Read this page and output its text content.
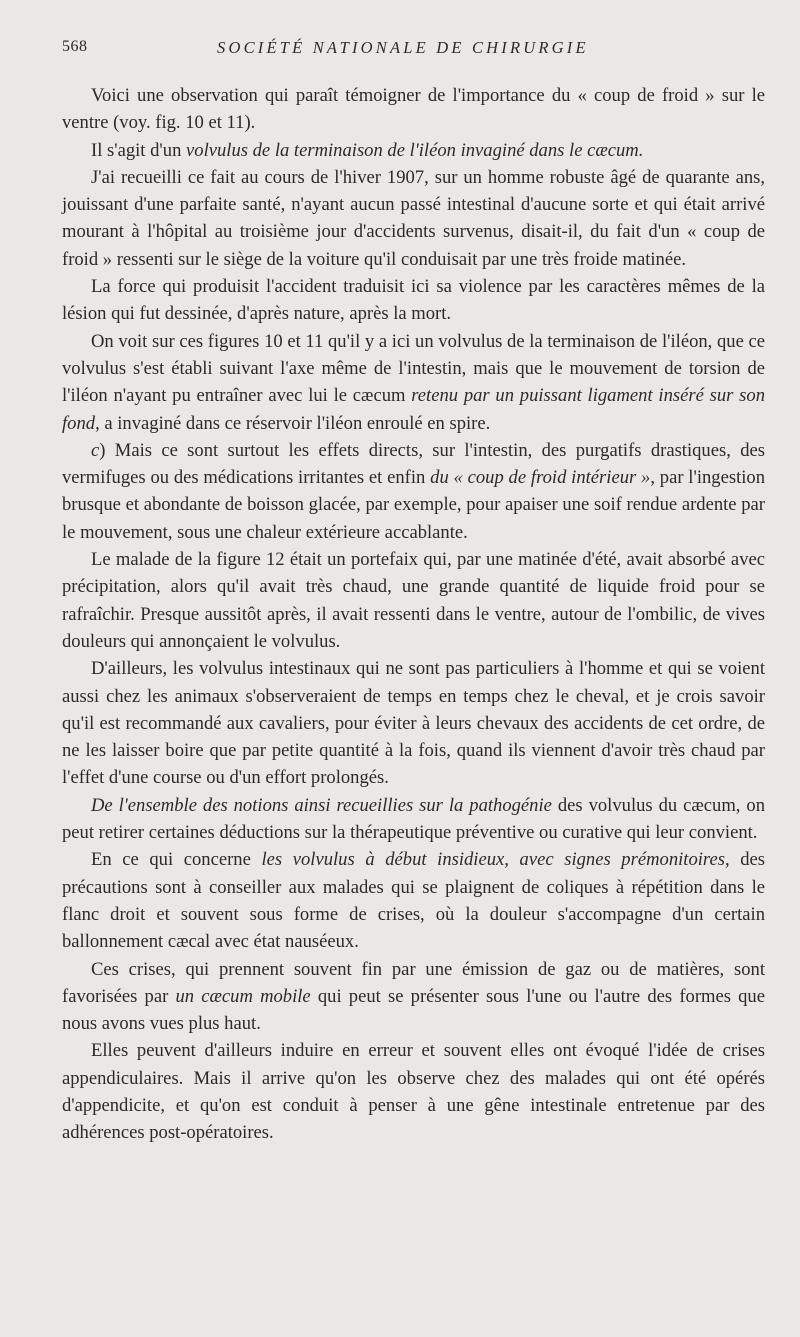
568	SOCIÉTÉ NATIONALE DE CHIRURGIE

Voici une observation qui paraît témoigner de l'importance du « coup de froid » sur le ventre (voy. fig. 10 et 11).

Il s'agit d'un volvulus de la terminaison de l'iléon invaginé dans le cæcum.

J'ai recueilli ce fait au cours de l'hiver 1907, sur un homme robuste âgé de quarante ans, jouissant d'une parfaite santé, n'ayant aucun passé intestinal d'aucune sorte et qui était arrivé mourant à l'hôpital au troisième jour d'accidents survenus, disait-il, du fait d'un « coup de froid » ressenti sur le siège de la voiture qu'il conduisait par une très froide matinée.

La force qui produisit l'accident traduisit ici sa violence par les caractères mêmes de la lésion qui fut dessinée, d'après nature, après la mort.

On voit sur ces figures 10 et 11 qu'il y a ici un volvulus de la terminaison de l'iléon, que ce volvulus s'est établi suivant l'axe même de l'intestin, mais que le mouvement de torsion de l'iléon n'ayant pu entraîner avec lui le cæcum retenu par un puissant ligament inséré sur son fond, a invaginé dans ce réservoir l'iléon enroulé en spire.

c) Mais ce sont surtout les effets directs, sur l'intestin, des purgatifs drastiques, des vermifuges ou des médications irritantes et enfin du « coup de froid intérieur », par l'ingestion brusque et abondante de boisson glacée, par exemple, pour apaiser une soif rendue ardente par le mouvement, sous une chaleur extérieure accablante.

Le malade de la figure 12 était un portefaix qui, par une matinée d'été, avait absorbé avec précipitation, alors qu'il avait très chaud, une grande quantité de liquide froid pour se rafraîchir. Presque aussitôt après, il avait ressenti dans le ventre, autour de l'ombilic, de vives douleurs qui annonçaient le volvulus.

D'ailleurs, les volvulus intestinaux qui ne sont pas particuliers à l'homme et qui se voient aussi chez les animaux s'observeraient de temps en temps chez le cheval, et je crois savoir qu'il est recommandé aux cavaliers, pour éviter à leurs chevaux des accidents de cet ordre, de ne les laisser boire que par petite quantité à la fois, quand ils viennent d'avoir très chaud par l'effet d'une course ou d'un effort prolongés.

De l'ensemble des notions ainsi recueillies sur la pathogénie des volvulus du cæcum, on peut retirer certaines déductions sur la thérapeutique préventive ou curative qui leur convient.

En ce qui concerne les volvulus à début insidieux, avec signes prémonitoires, des précautions sont à conseiller aux malades qui se plaignent de coliques à répétition dans le flanc droit et souvent sous forme de crises, où la douleur s'accompagne d'un certain ballonnement cæcal avec état nauséeux.

Ces crises, qui prennent souvent fin par une émission de gaz ou de matières, sont favorisées par un cæcum mobile qui peut se présenter sous l'une ou l'autre des formes que nous avons vues plus haut.

Elles peuvent d'ailleurs induire en erreur et souvent elles ont évoqué l'idée de crises appendiculaires. Mais il arrive qu'on les observe chez des malades qui ont été opérés d'appendicite, et qu'on est conduit à penser à une gêne intestinale entretenue par des adhérences post-opératoires.
